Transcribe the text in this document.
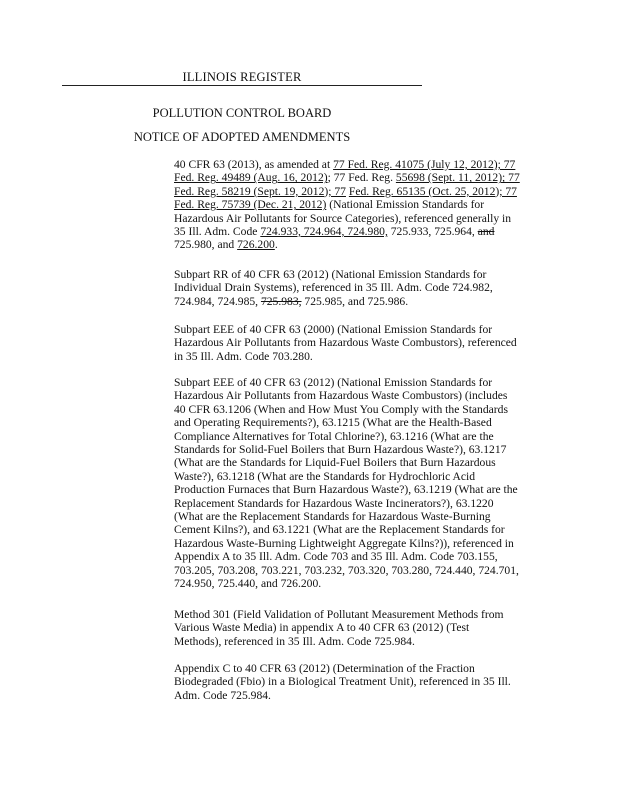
ILLINOIS REGISTER
POLLUTION CONTROL BOARD
NOTICE OF ADOPTED AMENDMENTS
40 CFR 63 (2013), as amended at 77 Fed. Reg. 41075 (July 12, 2012); 77
Fed. Reg. 49489 (Aug. 16, 2012); 77 Fed. Reg. 55698 (Sept. 11, 2012); 77
Fed. Reg. 58219 (Sept. 19, 2012); 77 Fed. Reg. 65135 (Oct. 25, 2012); 77
Fed. Reg. 75739 (Dec. 21, 2012) (National Emission Standards for
Hazardous Air Pollutants for Source Categories), referenced generally in
35 Ill. Adm. Code 724.933, 724.964, 724.980, 725.933, 725.964, and
725.980, and 726.200.
Subpart RR of 40 CFR 63 (2012) (National Emission Standards for
Individual Drain Systems), referenced in 35 Ill. Adm. Code 724.982,
724.984, 724.985, 725.983, 725.985, and 725.986.
Subpart EEE of 40 CFR 63 (2000) (National Emission Standards for
Hazardous Air Pollutants from Hazardous Waste Combustors), referenced
in 35 Ill. Adm. Code 703.280.
Subpart EEE of 40 CFR 63 (2012) (National Emission Standards for
Hazardous Air Pollutants from Hazardous Waste Combustors) (includes
40 CFR 63.1206 (When and How Must You Comply with the Standards
and Operating Requirements?), 63.1215 (What are the Health-Based
Compliance Alternatives for Total Chlorine?), 63.1216 (What are the
Standards for Solid-Fuel Boilers that Burn Hazardous Waste?), 63.1217
(What are the Standards for Liquid-Fuel Boilers that Burn Hazardous
Waste?), 63.1218 (What are the Standards for Hydrochloric Acid
Production Furnaces that Burn Hazardous Waste?), 63.1219 (What are the
Replacement Standards for Hazardous Waste Incinerators?), 63.1220
(What are the Replacement Standards for Hazardous Waste-Burning
Cement Kilns?), and 63.1221 (What are the Replacement Standards for
Hazardous Waste-Burning Lightweight Aggregate Kilns?)), referenced in
Appendix A to 35 Ill. Adm. Code 703 and 35 Ill. Adm. Code 703.155,
703.205, 703.208, 703.221, 703.232, 703.320, 703.280, 724.440, 724.701,
724.950, 725.440, and 726.200.
Method 301 (Field Validation of Pollutant Measurement Methods from
Various Waste Media) in appendix A to 40 CFR 63 (2012) (Test
Methods), referenced in 35 Ill. Adm. Code 725.984.
Appendix C to 40 CFR 63 (2012) (Determination of the Fraction
Biodegraded (Fbio) in a Biological Treatment Unit), referenced in 35 Ill.
Adm. Code 725.984.
